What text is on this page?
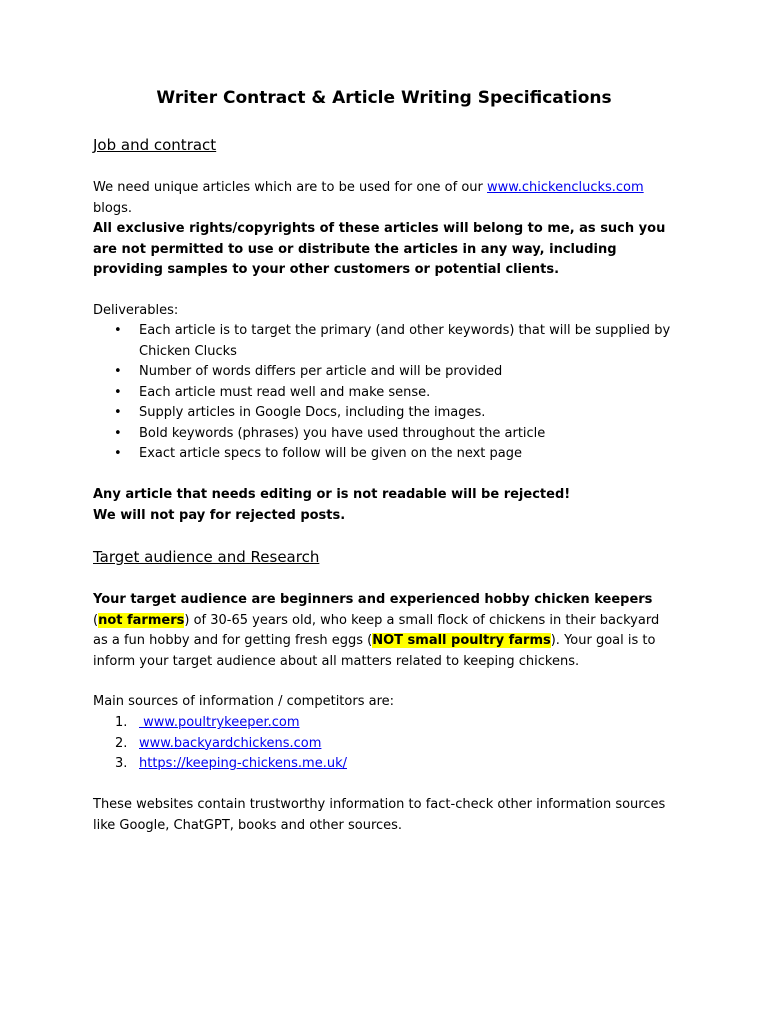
Writer Contract & Article Writing Specifications
Job and contract

We need unique articles which are to be used for one of our www.chickenclucks.com blogs.

All exclusive rights/copyrights of these articles will belong to me, as such you are not permitted to use or distribute the articles in any way, including providing samples to your other customers or potential clients.

Deliverables:

• Each article is to target the primary (and other keywords) that will be supplied by Chicken Clucks
• Number of words differs per article and will be provided
• Each article must read well and make sense.
• Supply articles in Google Docs, including the images.
• Bold keywords (phrases) you have used throughout the article
• Exact article specs to follow will be given on the next page

Any article that needs editing or is not readable will be rejected!
We will not pay for rejected posts.

Target audience and Research

Your target audience are beginners and experienced hobby chicken keepers (not farmers) of 30-65 years old, who keep a small flock of chickens in their backyard as a fun hobby and for getting fresh eggs (NOT small poultry farms). Your goal is to inform your target audience about all matters related to keeping chickens.

Main sources of information / competitors are:

1. www.poultrykeeper.com
2. www.backyardchickens.com
3. https://keeping-chickens.me.uk/

These websites contain trustworthy information to fact-check other information sources like Google, ChatGPT, books and other sources.
